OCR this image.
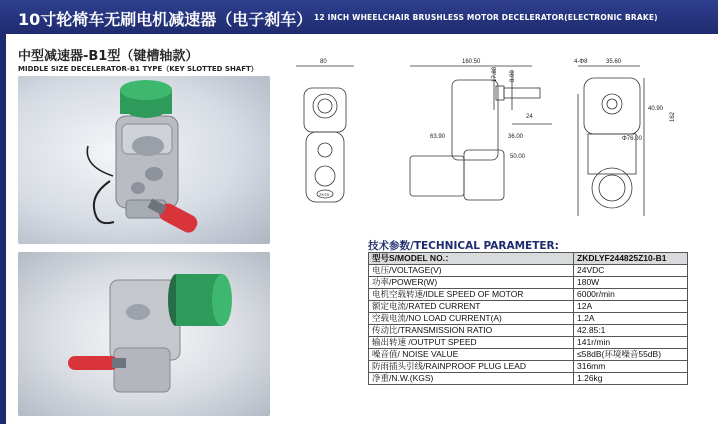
10寸轮椅车无刷电机减速器（电子刹车） 12 INCH WHEELCHAIR BRUSHLESS MOTOR DECELERATOR(ELECTRONIC BRAKE)
中型减速器-B1型（键槽轴款）
MIDDLE SIZE DECELERATOR-B1 TYPE（KEY SLOTTED SHAFT）
80	160.50
17.88 8.00
24
63.90	36.00
50.00
4-Φ8	35.60
40.90
162
Φ76.00
ZKTD
技术参数/TECHNICAL PARAMETER:
型号S/MODEL NO.：	ZKDLYF244825Z10-B1
电压/VOLTAGE(V)	24VDC
功率/POWER(W)	180W
电机空载转速/IDLE SPEED OF MOTOR	6000r/min
额定电流/RATED CURRENT	12A
空载电流/NO LOAD CURRENT(A)	1.2A
传动比/TRANSMISSION RATIO	42.85:1
输出转速 /OUTPUT SPEED	141r/min
噪音值/ NOISE VALUE	≤58dB(环境噪音55dB)
防雨插头引线/RAINPROOF PLUG LEAD	316mm
净重/N.W.(KGS)	1.26kg
